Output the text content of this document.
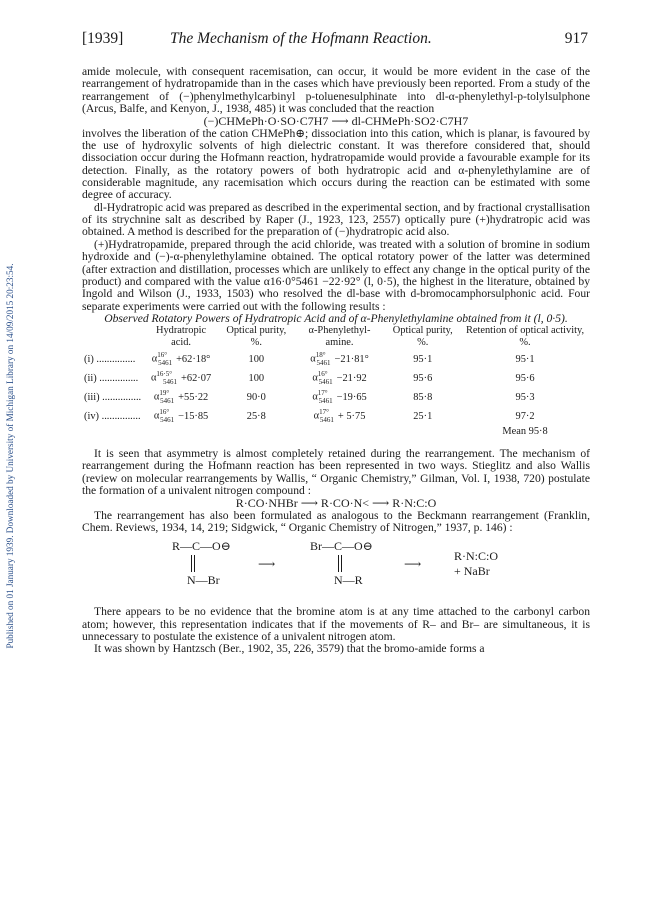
Published on 01 January 1939. Downloaded by University of Michigan Library on 14/09/2015 20:23:54.
[1939]	The Mechanism of the Hofmann Reaction.	917

amide molecule, with consequent racemisation, can occur, it would be more evident in the case of the rearrangement of hydratropamide than in the cases which have previously been reported. From a study of the rearrangement of (−)phenylmethylcarbinyl p-toluenesulphinate into dl-α-phenylethyl-p-tolylsulphone (Arcus, Balfe, and Kenyon, J., 1938, 485) it was concluded that the reaction

(−)CHMePh·O·SO·C7H7 ⟶ dl-CHMePh·SO2·C7H7

involves the liberation of the cation CHMePh⊕; dissociation into this cation, which is planar, is favoured by the use of hydroxylic solvents of high dielectric constant. It was therefore considered that, should dissociation occur during the Hofmann reaction, hydratropamide would provide a favourable example for its detection. Finally, as the rotatory powers of both hydratropic acid and α-phenylethylamine are of considerable magnitude, any racemisation which occurs during the reaction can be estimated with some degree of accuracy.

dl-Hydratropic acid was prepared as described in the experimental section, and by fractional crystallisation of its strychnine salt as described by Raper (J., 1923, 123, 2557) optically pure (+)hydratropic acid was obtained. A method is described for the preparation of (−)hydratropic acid also.

(+)Hydratropamide, prepared through the acid chloride, was treated with a solution of bromine in sodium hydroxide and (−)-α-phenylethylamine obtained. The optical rotatory power of the latter was determined (after extraction and distillation, processes which are unlikely to effect any change in the optical purity of the product) and compared with the value α16·0°5461 −22·92° (l, 0·5), the highest in the literature, obtained by Ingold and Wilson (J., 1933, 1503) who resolved the dl-base with d-bromocamphorsulphonic acid. Four separate experiments were carried out with the following results :

Observed Rotatory Powers of Hydratropic Acid and of α-Phenylethylamine obtained from it (l, 0·5).

	Hydratropic acid.	Optical purity, %.	α-Phenylethyl-amine.	Optical purity, %.	Retention of optical activity, %.
(i) ...............	$\alpha^{16^\circ}_{5461} +62\cdot 18^\circ$	100	$\alpha^{18^\circ}_{5461} -21\cdot 81^\circ$	95·1	95·1
(ii) ...............	$\alpha^{16\cdot 5^\circ}_{5461} +62\cdot 07$	100	$\alpha^{16^\circ}_{5461} -21\cdot 92$	95·6	95·6
(iii) ...............	$\alpha^{19^\circ}_{5461} +55\cdot 22$	90·0	$\alpha^{17^\circ}_{5461} -19\cdot 65$	85·8	95·3
(iv) ...............	$\alpha^{16^\circ}_{5461} -15\cdot 85$	25·8	$\alpha^{17^\circ}_{5461} + 5\cdot 75$	25·1	97·2
					Mean 95·8

It is seen that asymmetry is almost completely retained during the rearrangement. The mechanism of rearrangement during the Hofmann reaction has been represented in two ways. Stieglitz and also Wallis (review on molecular rearrangements by Wallis, “ Organic Chemistry,” Gilman, Vol. I, 1938, 720) postulate the formation of a univalent nitrogen compound :

R·CO·NHBr ⟶ R·CO·N< ⟶ R·N:C:O

The rearrangement has also been formulated as analogous to the Beckmann rearrangement (Franklin, Chem. Reviews, 1934, 14, 219; Sidgwick, “ Organic Chemistry of Nitrogen,” 1937, p. 146) :

R—C—O⊖
N—Br
⟶
Br—C—O⊖
N—R
⟶
R·N:C:O
+ NaBr

There appears to be no evidence that the bromine atom is at any time attached to the carbonyl carbon atom; however, this representation indicates that if the movements of R– and Br– are simultaneous, it is unnecessary to postulate the existence of a univalent nitrogen atom.

It was shown by Hantzsch (Ber., 1902, 35, 226, 3579) that the bromo-amide forms a
